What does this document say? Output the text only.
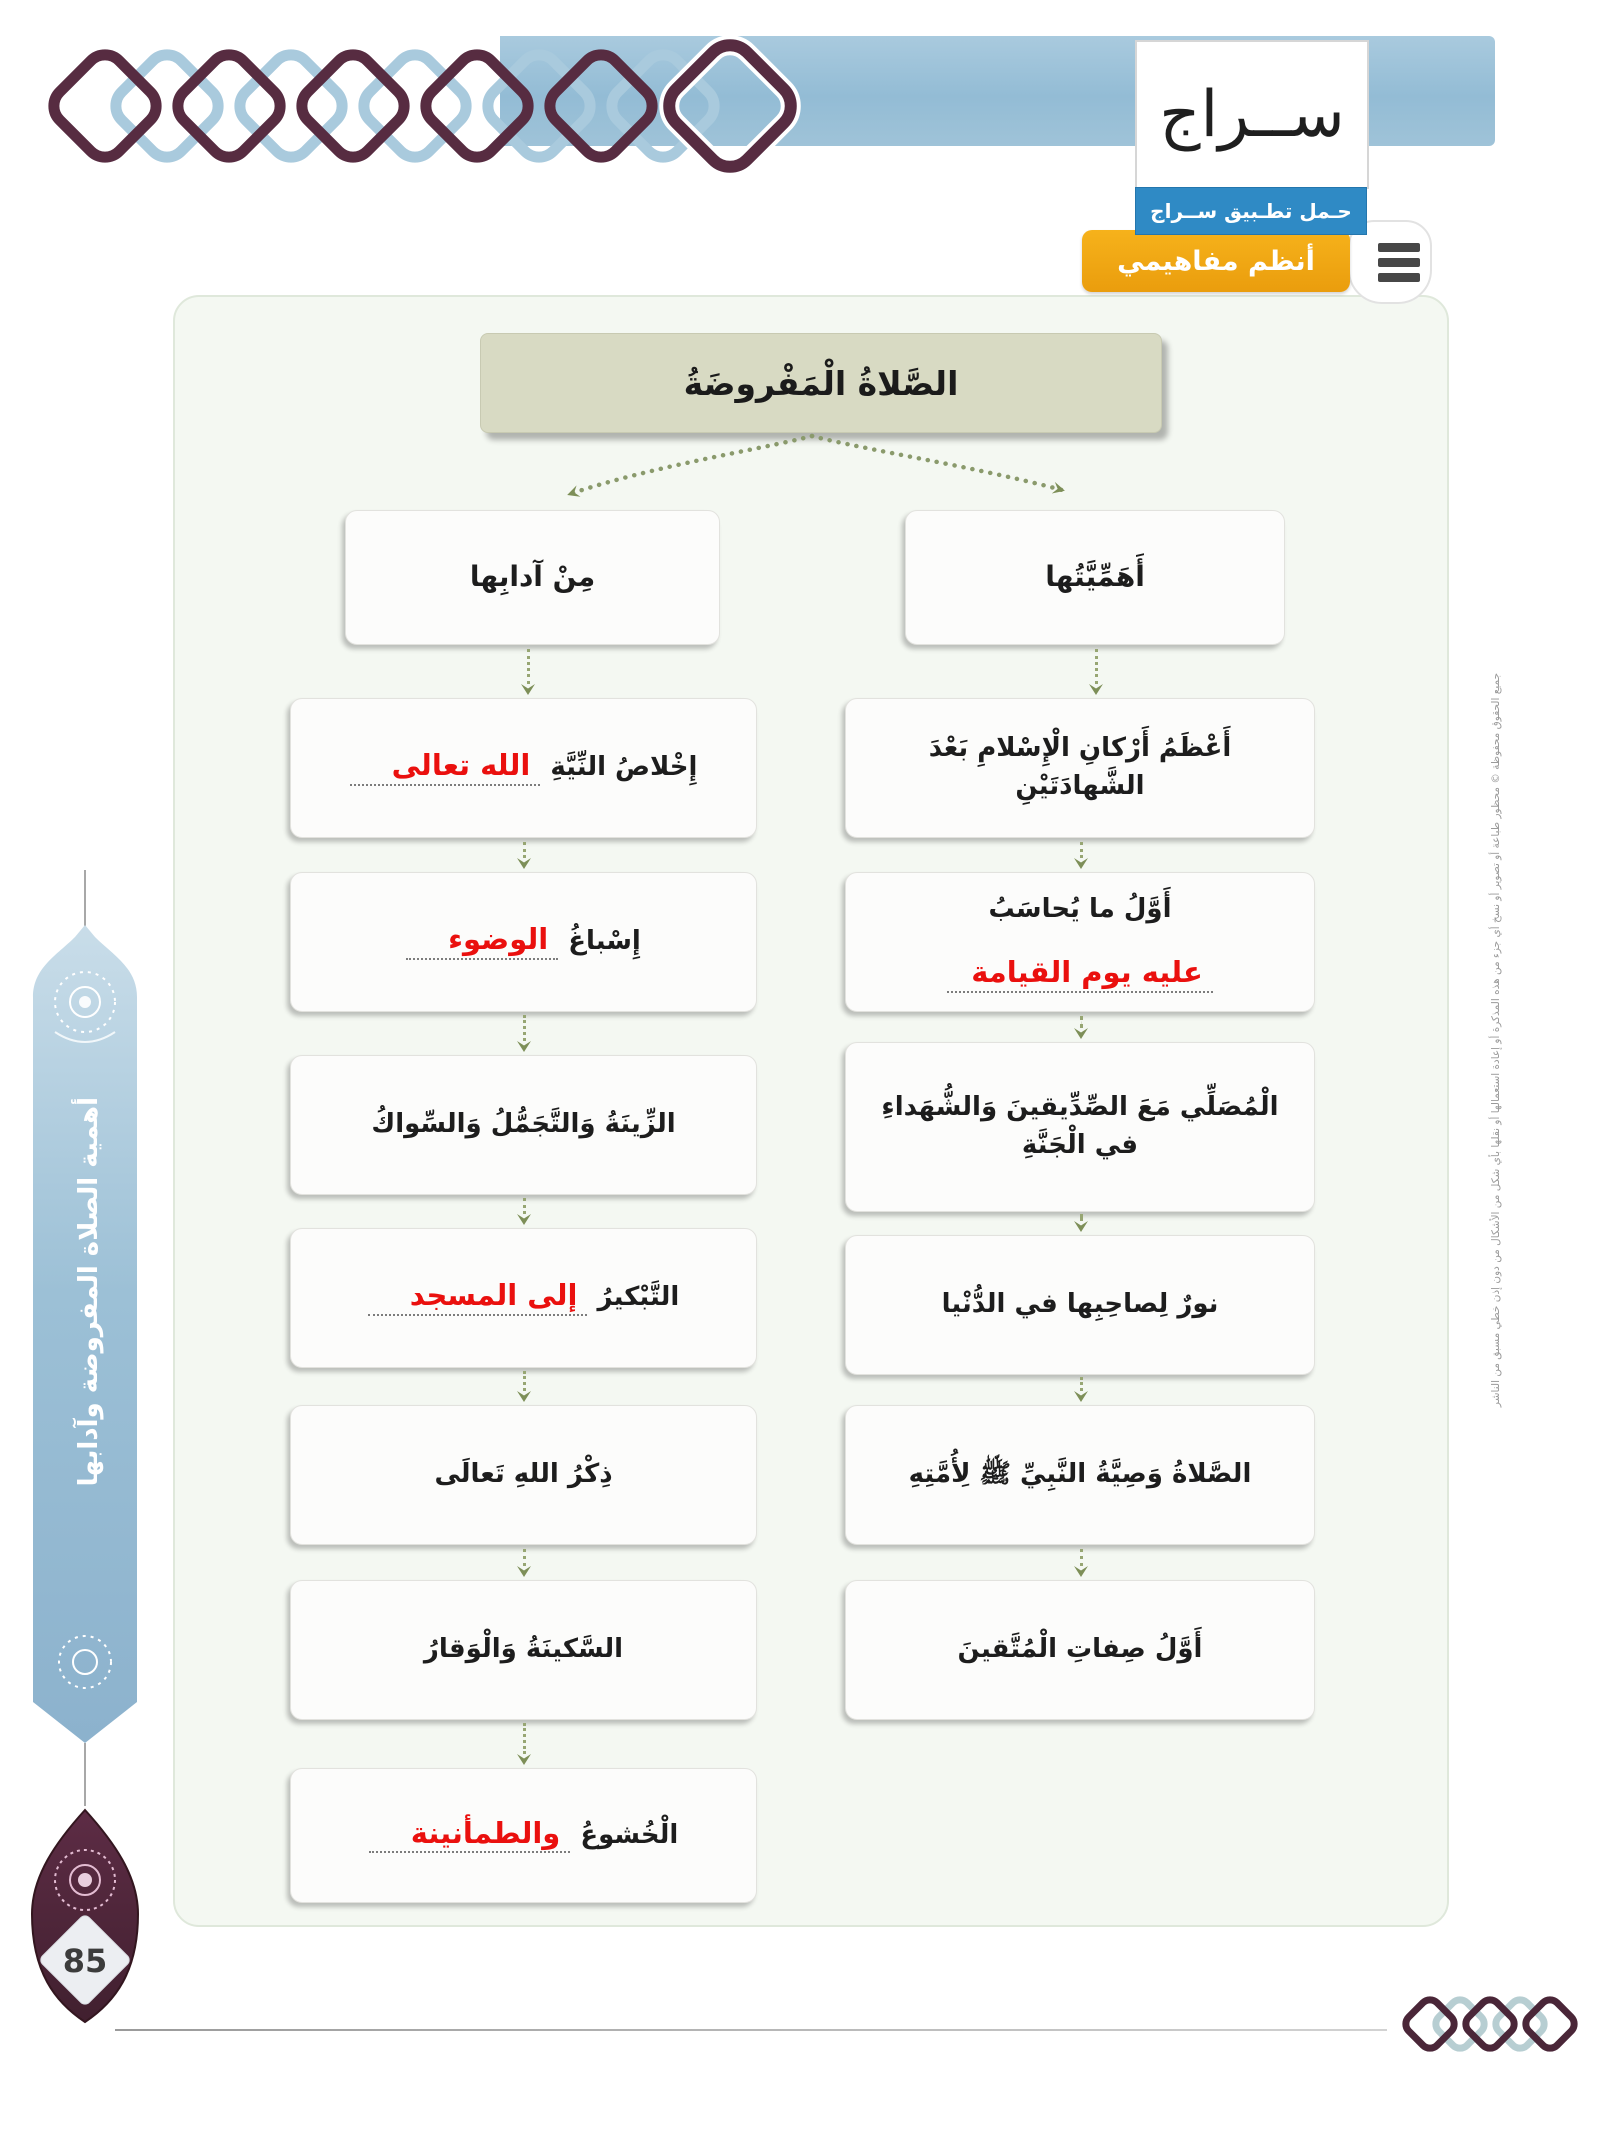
ســراج
حـمل تطـبيق ســراج
أنظم مفاهيمي
الصَّلاةُ الْمَفْروضَةُ
مِنْ آدابِها	أَهَمِّيَّتُها
إِخْلاصُ النِّيَّةِ
الله تعالى
إِسْباغُ
الوضوء
الزِّينَةُ وَالتَّجَمُّلُ وَالسِّواكُ
التَّبْكيرُ
إلى المسجد
ذِكْرُ اللهِ تَعالَى
السَّكينَةُ وَالْوَقارُ
الْخُشوعُ
والطمأنينة
أَعْظَمُ أَرْكانِ الْإِسْلامِ بَعْدَ الشَّهادَتَيْنِ
أَوَّلُ ما يُحاسَبُ
عليه يوم القيامة
الْمُصَلِّي مَعَ الصِّدِّيقينَ وَالشُّهَداءِ في الْجَنَّةِ
نورٌ لِصاحِبِها في الدُّنْيا
الصَّلاةُ وَصِيَّةُ النَّبِيِّ ﷺ لِأُمَّتِهِ
أَوَّلُ صِفاتِ الْمُتَّقينَ
أهمية الصلاة المفروضة وآدابها
85
جميع الحقوق محفوظة © محظور طباعة أو تصوير أو نسخ أي جزء من هذه المذكرة أو إعادة استعمالها أو نقلها بأي شكل من الأشكال من دون إذن خطي مسبق من الناشر
